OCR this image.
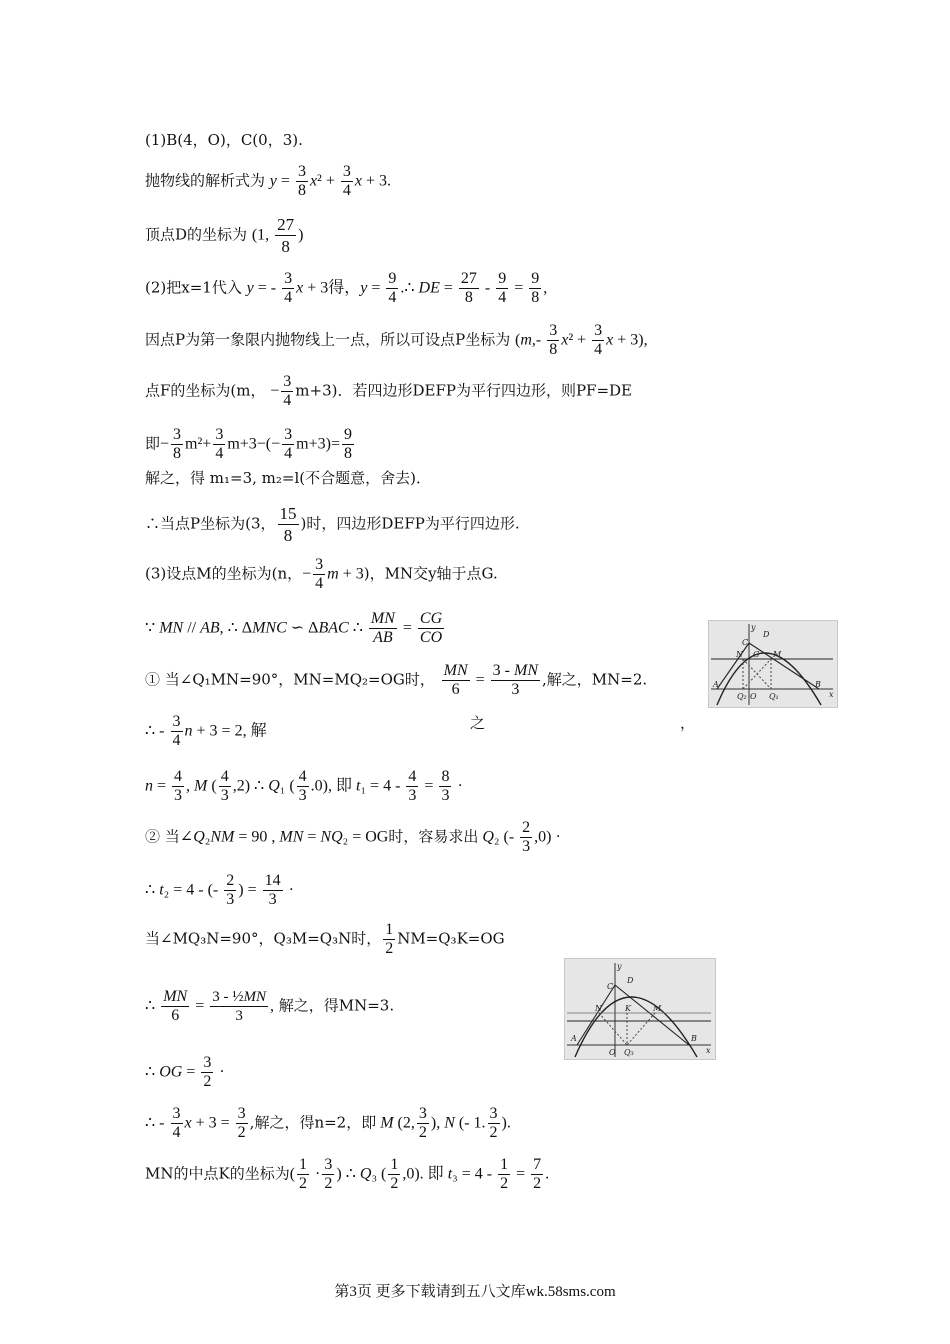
(1)B(4，O)，C(0，3).
抛物线的解析式为 $y = \frac{3}{8} x^2 + \frac{3}{4}$ x + 3.
顶点D的坐标为 (1, $\frac{27}{8}$ )
(2)把x=1代入 y = - $\frac{3}{4}$ x + 3得，$y = \frac{9}{4}$ .∴ DE = $\frac{27}{8} - \frac{9}{4} = \frac{9}{8}$ ,
因点P为第一象限内抛物线上一点，所以可设点P坐标为 ($m,- \frac{3}{8} x^2 + \frac{3}{4}$ x + 3),
点F的坐标为(m， − $\frac{3}{4} m+3$)．若四边形DEFP为平行四边形，则PF=DE
即− $\frac{3}{8} m^2+ \frac{3}{4} m+3-(- \frac{3}{4} m+3)= \frac{9}{8}$
解之，得 m₁=3, m₂=l(不合题意，舍去)．
∴当点P坐标为(3， $\frac{15}{8}$ )时，四边形DEFP为平行四边形.
(3)设点M的坐标为(n，− $\frac{3}{4}$ m + 3)，MN交y轴于点G.
∵ MN // AB, ∴ ΔMNC ∽ ΔBAC ∴ $\frac{MN}{AB} = \frac{CG}{CO}$
① 当∠Q₁MN=90°，MN=MQ₂=OG时， $\frac{MN}{6} = \frac{3 - MN}{3}$ ,解之，MN=2.
∴ - $\frac{3}{4}$ n + 3 = 2, 解	之	，
$n = \frac{4}{3}$ , M ( $\frac{4}{3} ,2$) ∴ Q₁ ( $\frac{4}{3} .0$), 即 $t_1 = 4 - \frac{4}{3} = \frac{8}{3}$ ·
② 当∠Q₂NM = 90 , MN = NQ₂ = OG时，容易求出 Q₂ (- $\frac{2}{3} ,0$) ·
∴ t₂ = 4 - (- $\frac{2}{3}$ ) = $\frac{14}{3}$ ·
当∠MQ₃N=90°，Q₃M=Q₃N时， $\frac{1}{2} NM=Q_3K=OG$
∴ $\frac{MN}{6} = \frac{\text{3 - ½MN}}{3}$ , 解之，得MN=3.
∴ OG = $\frac{3}{2}$ ·
∴ - $\frac{3}{4}$ $x + 3 = \frac{3}{2}$ ,解之，得n=2，即 M (2, $\frac{3}{2}$ ), N (- 1. $\frac{3}{2}$ ).
MN的中点K的坐标为( $\frac{1}{2} \cdot \frac{3}{2}$ ) ∴ Q₃ ( $\frac{1}{2} ,0$). 即 $t_3 = 4 - \frac{1}{2} = \frac{7}{2}$ .
y
C
D
N G M
A
Q₂ O Q₁
B
x
y
D
C
N	K	M
A
O Q₃
B
x
第3页 更多下载请到五八文库wk.58sms.com
